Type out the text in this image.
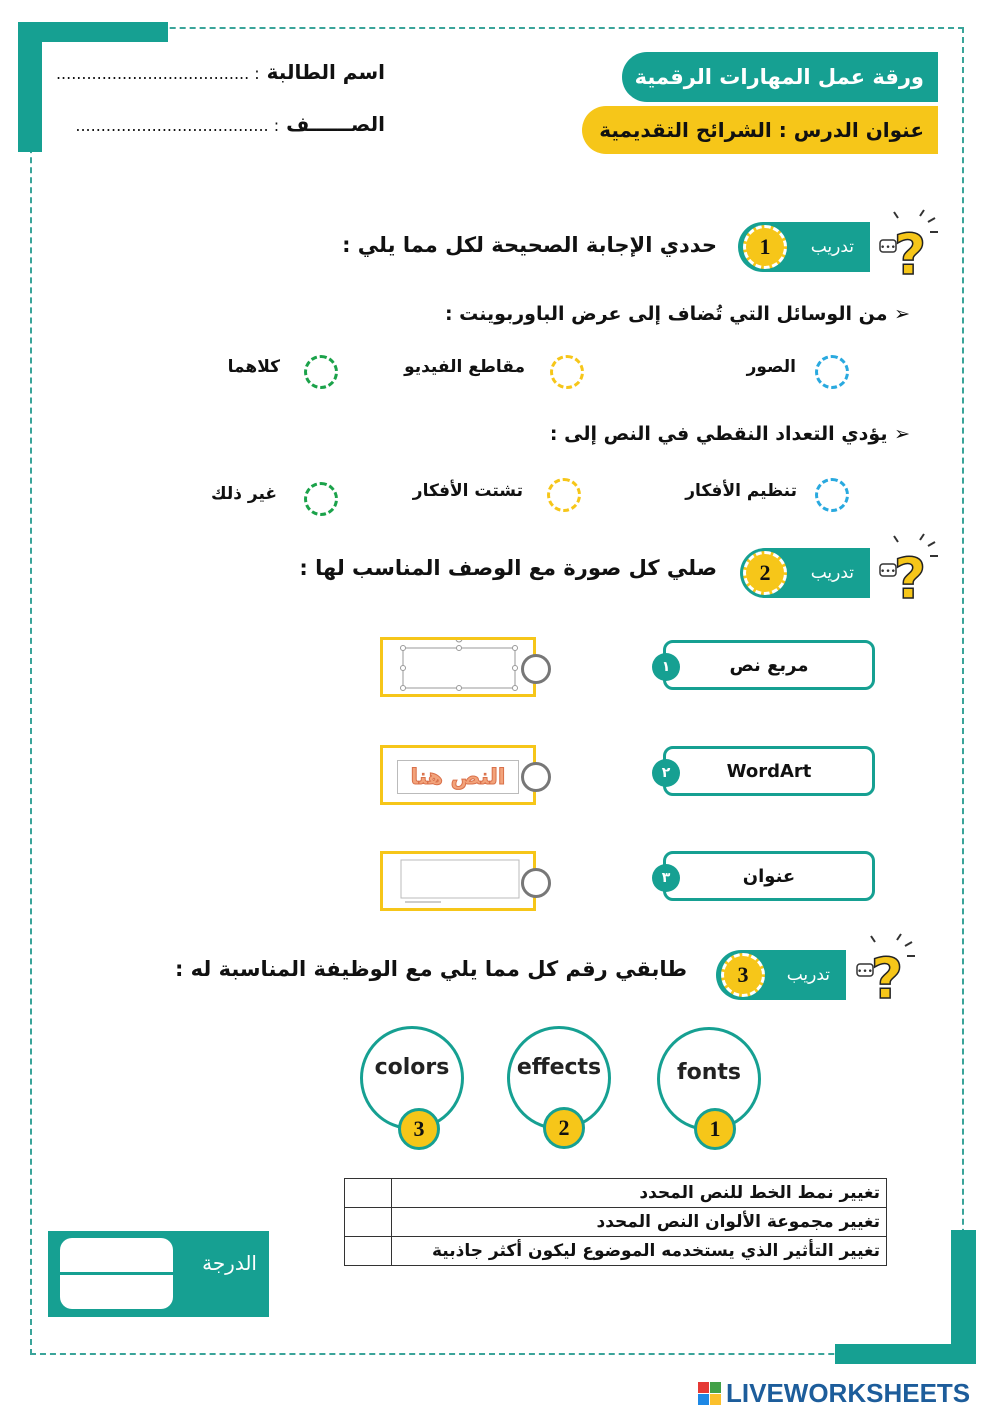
ورقة عمل المهارات الرقمية
عنوان الدرس : الشرائح التقديمية
اسم الطالبة : ......................................
الصــــــف : ......................................
•••
?
تدريب
1
حددي الإجابة الصحيحة لكل مما يلي :
➢ من الوسائل التي تُضاف إلى عرض الباوربوينت :
الصور
مقاطع الفيديو
كلاهما
➢ يؤدي التعداد النقطي في النص إلى :
تنظيم الأفكار
تشتت الأفكار
غير ذلك
•••
?
تدريب
2
صلي كل صورة مع الوصف المناسب لها :
١	مربع نص
٢	WordArt
٣	عنوان
النص هنا
•••
?
تدريب
3
طابقي رقم كل مما يلي مع الوظيفة المناسبة له :
fonts
1
effects
2
colors
3
تغيير نمط الخط للنص المحدد	
تغيير مجموعة الألوان النص المحدد	
تغيير التأثير الذي يستخدمه الموضوع ليكون أكثر جاذبية	
الدرجة
LIVEWORKSHEETS
